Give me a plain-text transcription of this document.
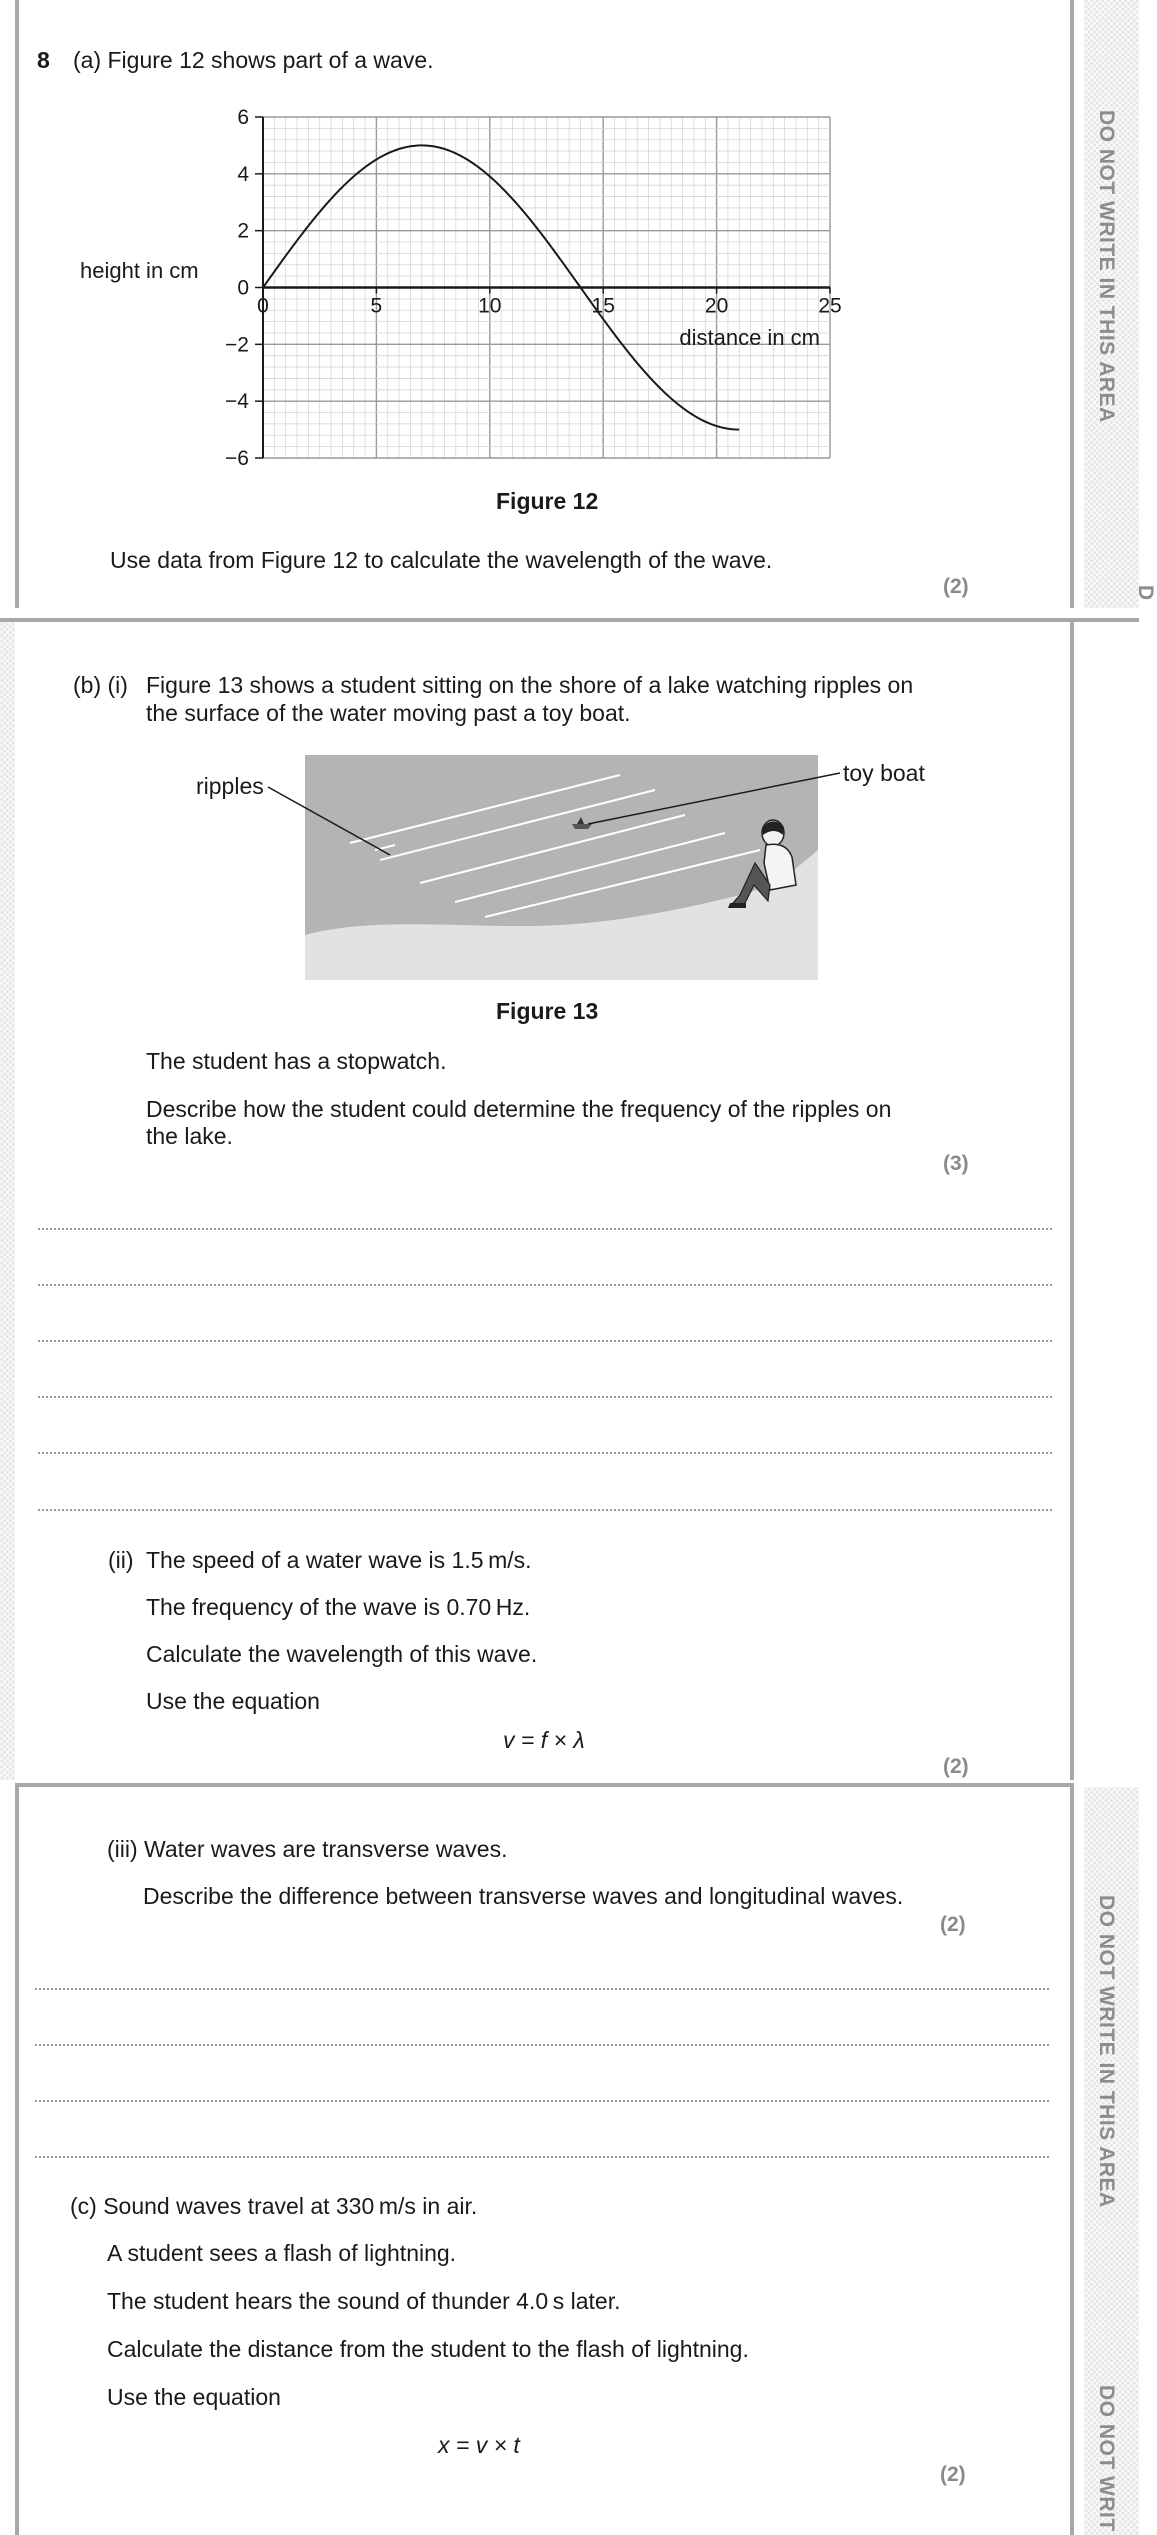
DO NOT WRITE IN THIS AREA
D
DO NOT WRITE IN THIS AREA
DO NOT WRIT
8 (a) Figure 12 shows part of a wave.
6
4
2
0
−2
−4
−6
0	5	10	15	20	25
height in cm
distance in cm
Figure 12
Use data from Figure 12 to calculate the wavelength of the wave.
(2)
(b) (i) Figure 13 shows a student sitting on the shore of a lake watching ripples on
the surface of the water moving past a toy boat.
ripples	toy boat
Figure 13
The student has a stopwatch.
Describe how the student could determine the frequency of the ripples on
the lake.
(3)
(ii) The speed of a water wave is 1.5 m/s.
The frequency of the wave is 0.70 Hz.
Calculate the wavelength of this wave.
Use the equation
v = f × λ
(2)
(iii) Water waves are transverse waves.
Describe the difference between transverse waves and longitudinal waves.
(2)
(c) Sound waves travel at 330 m/s in air.
A student sees a flash of lightning.
The student hears the sound of thunder 4.0 s later.
Calculate the distance from the student to the flash of lightning.
Use the equation
x = v × t
(2)
